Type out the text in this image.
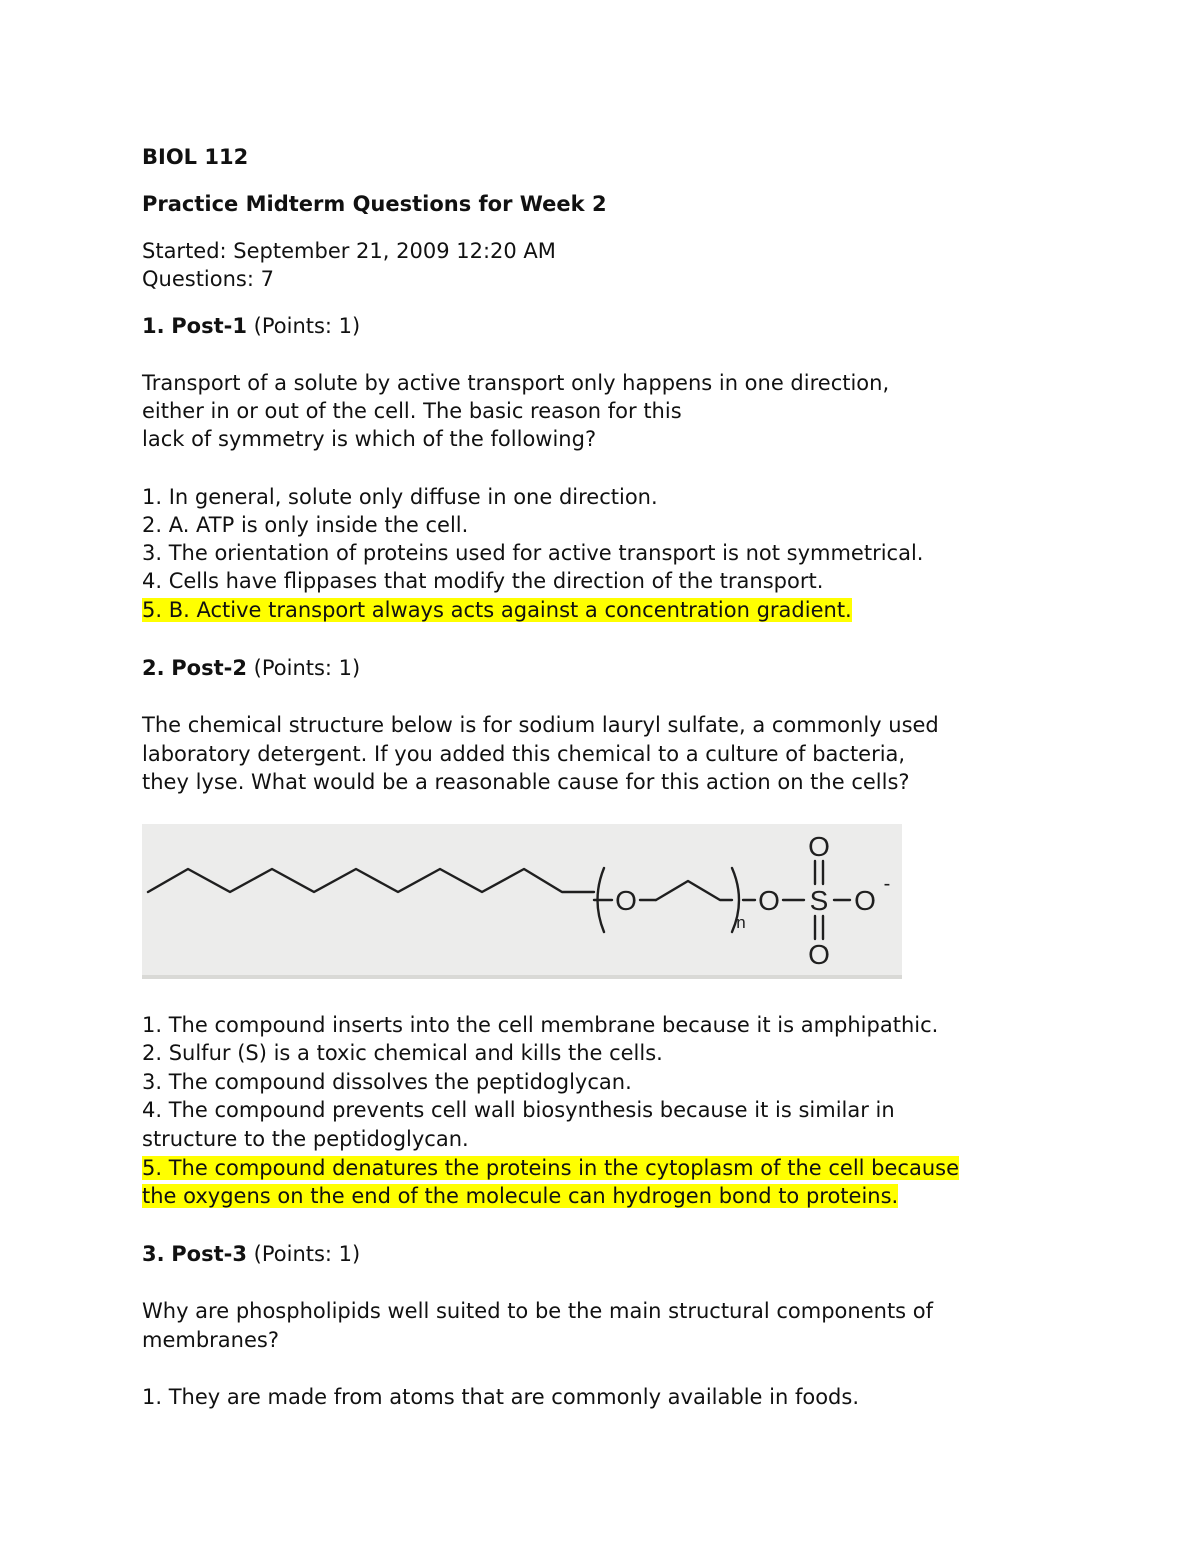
BIOL 112
Practice Midterm Questions for Week 2
Started: September 21, 2009 12:20 AM
Questions: 7
1. Post-1 (Points: 1)
Transport of a solute by active transport only happens in one direction,
either in or out of the cell. The basic reason for this
lack of symmetry is which of the following?
1. In general, solute only diffuse in one direction.
2. A. ATP is only inside the cell.
3. The orientation of proteins used for active transport is not symmetrical.
4. Cells have flippases that modify the direction of the transport.
5. B. Active transport always acts against a concentration gradient.
2. Post-2 (Points: 1)
The chemical structure below is for sodium lauryl sulfate, a commonly used
laboratory detergent. If you added this chemical to a culture of bacteria,
they lyse. What would be a reasonable cause for this action on the cells?
O
n
O S
O
O
O
-
1. The compound inserts into the cell membrane because it is amphipathic.
2. Sulfur (S) is a toxic chemical and kills the cells.
3. The compound dissolves the peptidoglycan.
4. The compound prevents cell wall biosynthesis because it is similar in
structure to the peptidoglycan.
5. The compound denatures the proteins in the cytoplasm of the cell because
the oxygens on the end of the molecule can hydrogen bond to proteins.
3. Post-3 (Points: 1)
Why are phospholipids well suited to be the main structural components of
membranes?
1. They are made from atoms that are commonly available in foods.
